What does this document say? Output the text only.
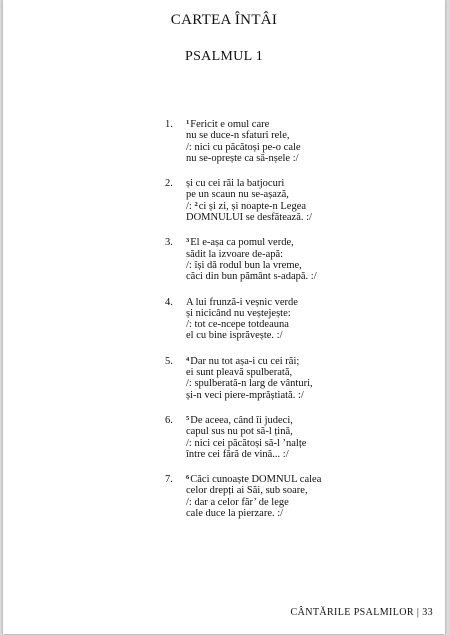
CARTEA ÎNTÂI
PSALMUL 1
1.	$^1$Fericit e omul care
nu se duce-n sfaturi rele,
/: nici cu păcătoși pe-o cale
nu se-oprește ca să-nșele :/
2.	și cu cei răi la batjocuri
pe un scaun nu se-așază,
/: $^2$ci și zi, și noapte-n Legea
DOMNULUI se desfătează. :/
3.	$^3$El e-așa ca pomul verde,
sădit la izvoare de-apă:
/: își dă rodul bun la vreme,
căci din bun pământ s-adapă. :/
4.	A lui frunză-i veșnic verde
și nicicând nu veștejește:
/: tot ce-ncepe totdeauna
el cu bine isprăvește. :/
5.	$^4$Dar nu tot așa-i cu cei răi;
ei sunt pleavă spulberată,
/: spulberată-n larg de vânturi,
și-n veci piere-mprăștiată. :/
6.	$^5$De aceea, când îi judeci,
capul sus nu pot să-l țină,
/: nici cei păcătoși să-l ’nalțe
între cei fără de vină... :/
7.	$^6$Căci cunoaște DOMNUL calea
celor drepți ai Săi, sub soare,
/: dar a celor făr’ de lege
cale duce la pierzare. :/
CÂNTĂRILE PSALMILOR | 33
